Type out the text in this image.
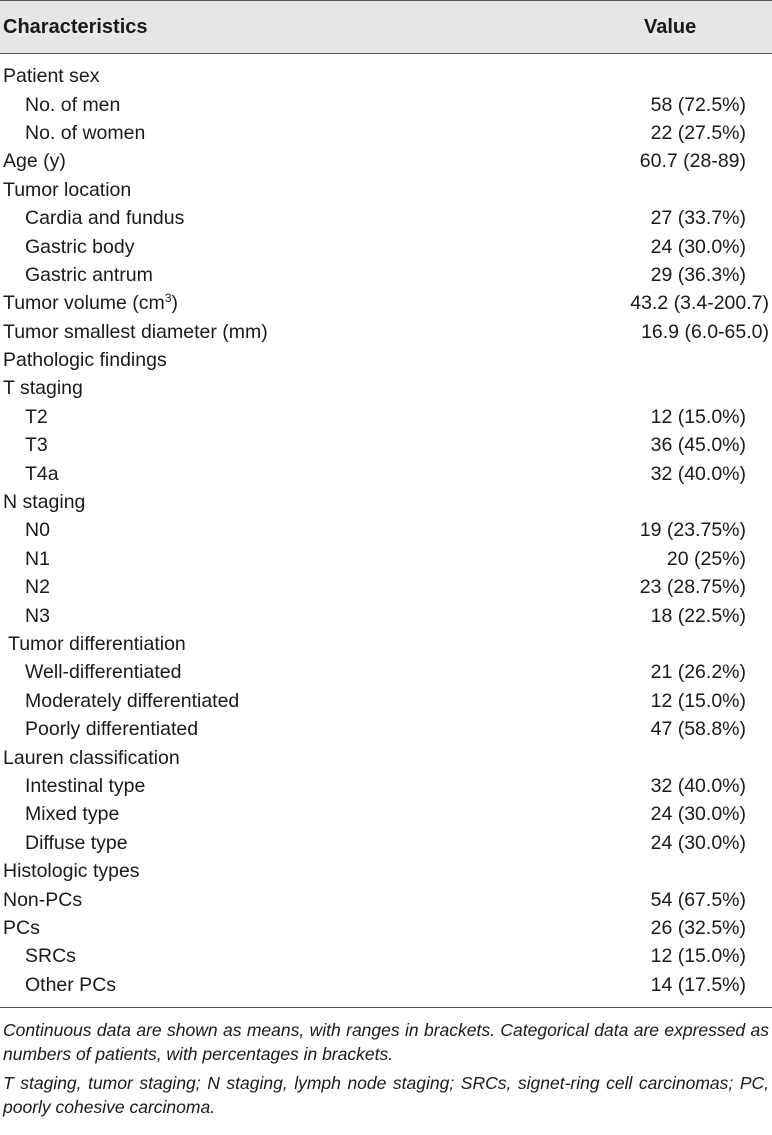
Characteristics	Value
Patient sex
No. of men	58 (72.5%)
No. of women	22 (27.5%)
Age (y)	60.7 (28-89)
Tumor location
Cardia and fundus	27 (33.7%)
Gastric body	24 (30.0%)
Gastric antrum	29 (36.3%)
Tumor volume $(cm^3)$	43.2 (3.4-200.7)
Tumor smallest diameter (mm)	16.9 (6.0-65.0)
Pathologic findings
T staging
T2	12 (15.0%)
T3	36 (45.0%)
T4a	32 (40.0%)
N staging
N0	19 (23.75%)
N1	20 (25%)
N2	23 (28.75%)
N3	18 (22.5%)
Tumor differentiation
Well-differentiated	21 (26.2%)
Moderately differentiated	12 (15.0%)
Poorly differentiated	47 (58.8%)
Lauren classification
Intestinal type	32 (40.0%)
Mixed type	24 (30.0%)
Diffuse type	24 (30.0%)
Histologic types
Non-PCs	54 (67.5%)
PCs	26 (32.5%)
SRCs	12 (15.0%)
Other PCs	14 (17.5%)

Continuous data are shown as means, with ranges in brackets. Categorical data are expressed as numbers of patients, with percentages in brackets.

T staging, tumor staging; N staging, lymph node staging; SRCs, signet-ring cell carcinomas; PC, poorly cohesive carcinoma.
